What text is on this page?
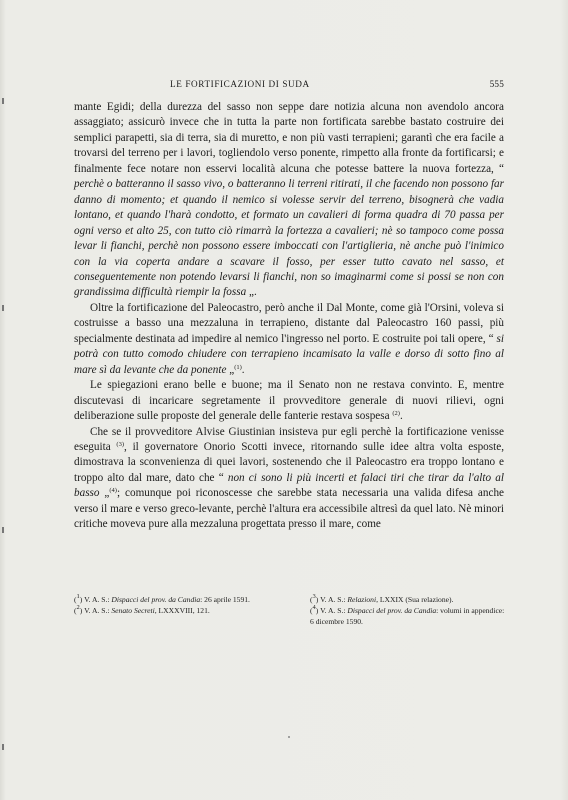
LE FORTIFICAZIONI DI SUDA	555

mante Egidi; della durezza del sasso non seppe dare notizia alcuna non avendolo ancora assaggiato; assicurò invece che in tutta la parte non fortificata sarebbe bastato costruire dei semplici parapetti, sia di terra, sia di muretto, e non più vasti terrapieni; garantì che era facile a trovarsi del terreno per i lavori, togliendolo verso ponente, rimpetto alla fronte da fortificarsi; e finalmente fece notare non esservi località alcuna che potesse battere la nuova fortezza, “ perchè o batteranno il sasso vivo, o batteranno li terreni ritirati, il che facendo non possono far danno di momento; et quando il nemico si volesse servir del terreno, bisognerà che vadia lontano, et quando l'harà condotto, et formato un cavalieri di forma quadra di 70 passa per ogni verso et alto 25, con tutto ciò rimarrà la fortezza a cavalieri; nè so tampoco come possa levar li fianchi, perchè non possono essere imboccati con l'artiglieria, nè anche può l'inimico con la via coperta andare a scavare il fosso, per esser tutto cavato nel sasso, et conseguentemente non potendo levarsi li fianchi, non so imaginarmi come si possi se non con grandissima difficultà riempir la fossa „.

Oltre la fortificazione del Paleocastro, però anche il Dal Monte, come già l'Orsini, voleva si costruisse a basso una mezzaluna in terrapieno, distante dal Paleocastro 160 passi, più specialmente destinata ad impedire al nemico l'ingresso nel porto. E costruite poi tali opere, “ si potrà con tutto comodo chiudere con terrapieno incamisato la valle e dorso di sotto fino al mare sì da levante che da ponente „$^{(1)}$.

Le spiegazioni erano belle e buone; ma il Senato non ne restava convinto. E, mentre discutevasi di incaricare segretamente il provveditore generale di nuovi rilievi, ogni deliberazione sulle proposte del generale delle fanterie restava sospesa $^{(2)}$.

Che se il provveditore Alvise Giustinian insisteva pur egli perchè la fortificazione venisse eseguita $^{(3)}$, il governatore Onorio Scotti invece, ritornando sulle idee altra volta esposte, dimostrava la sconvenienza di quei lavori, sostenendo che il Paleocastro era troppo lontano e troppo alto dal mare, dato che “ non ci sono li più incerti et falaci tiri che tirar da l'alto al basso „$^{(4)}$; comunque poi riconoscesse che sarebbe stata necessaria una valida difesa anche verso il mare e verso greco-levante, perchè l'altura era accessibile altresì da quel lato. Nè minori critiche moveva pure alla mezzaluna progettata presso il mare, come

($^1$) V. A. S.: Dispacci del prov. da Candia: 26 aprile 1591.

($^2$) V. A. S.: Senato Secreti, LXXXVIII, 121.

($^3$) V. A. S.: Relazioni, LXXIX (Sua relazione).

($^4$) V. A. S.: Dispacci del prov. da Candia: volumi in appendice: 6 dicembre 1590.
